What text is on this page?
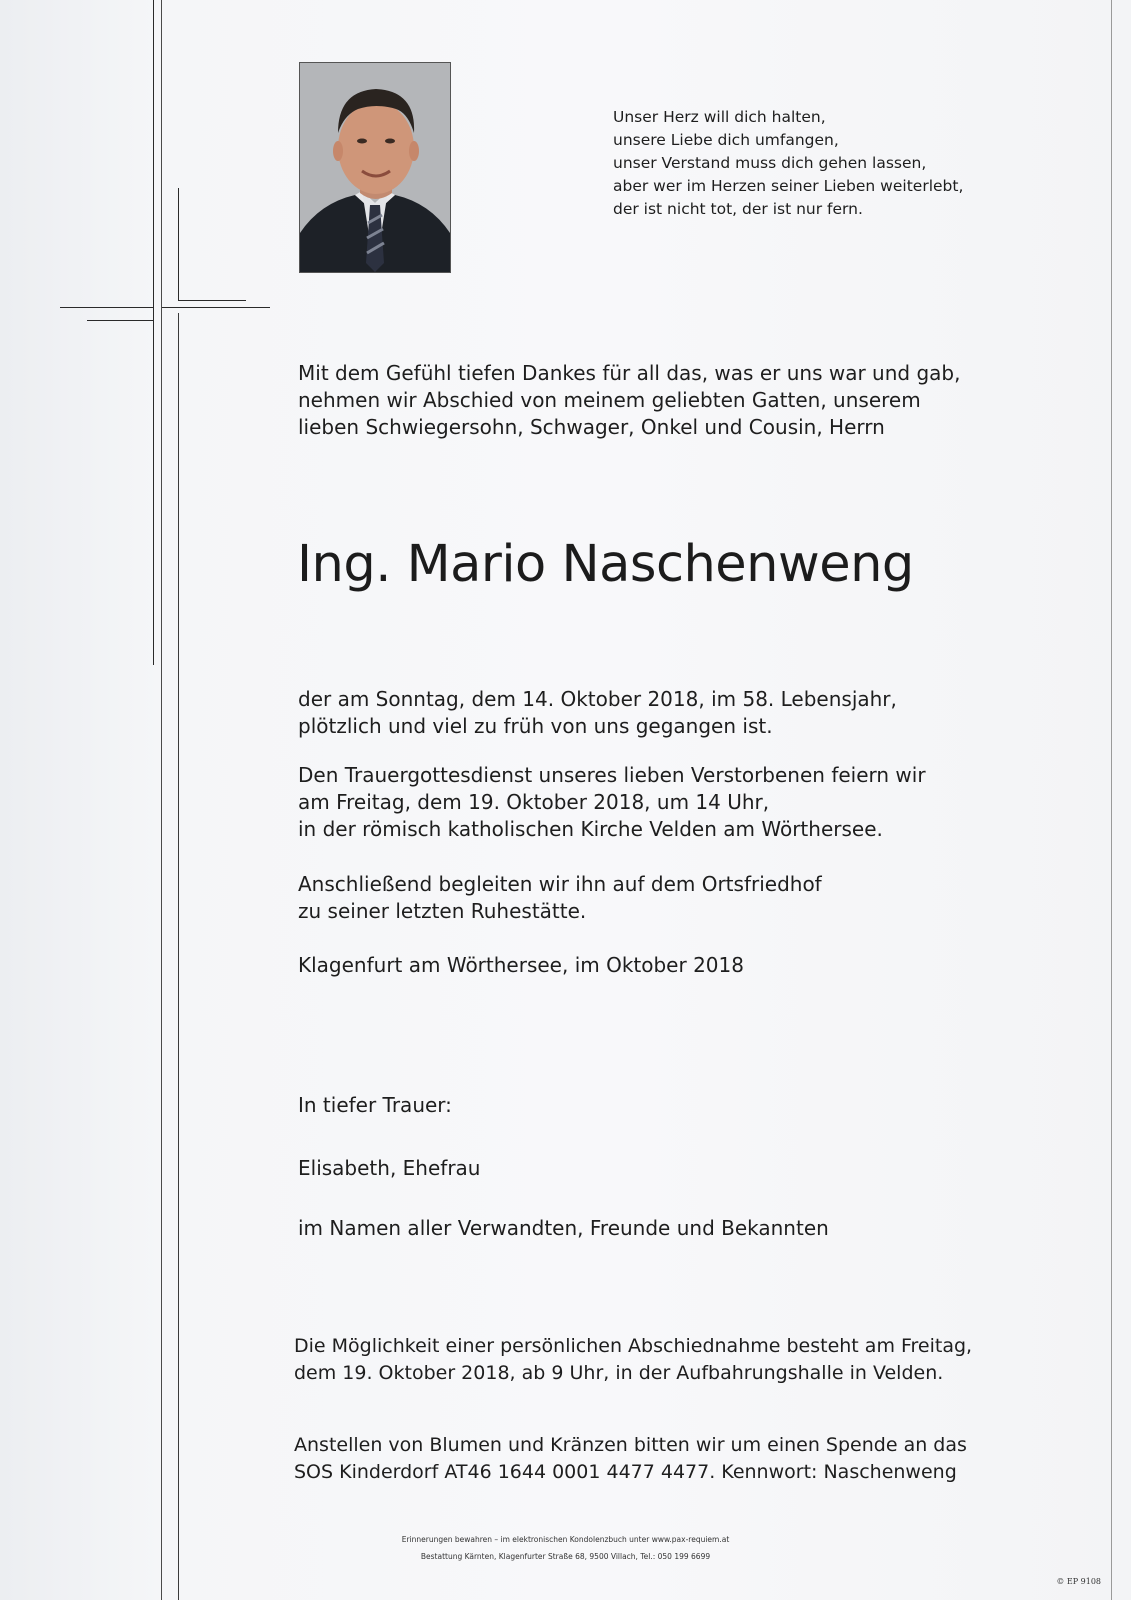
Unser Herz will dich halten,
unsere Liebe dich umfangen,
unser Verstand muss dich gehen lassen,
aber wer im Herzen seiner Lieben weiterlebt,
der ist nicht tot, der ist nur fern.
Mit dem Gefühl tiefen Dankes für all das, was er uns war und gab,
nehmen wir Abschied von meinem geliebten Gatten, unserem
lieben Schwiegersohn, Schwager, Onkel und Cousin, Herrn
Ing. Mario Naschenweng
der am Sonntag, dem 14. Oktober 2018, im 58. Lebensjahr,
plötzlich und viel zu früh von uns gegangen ist.
Den Trauergottesdienst unseres lieben Verstorbenen feiern wir
am Freitag, dem 19. Oktober 2018, um 14 Uhr,
in der römisch katholischen Kirche Velden am Wörthersee.
Anschließend begleiten wir ihn auf dem Ortsfriedhof
zu seiner letzten Ruhestätte.
Klagenfurt am Wörthersee, im Oktober 2018
In tiefer Trauer:
Elisabeth, Ehefrau
im Namen aller Verwandten, Freunde und Bekannten
Die Möglichkeit einer persönlichen Abschiednahme besteht am Freitag,
dem 19. Oktober 2018, ab 9 Uhr, in der Aufbahrungshalle in Velden.
Anstellen von Blumen und Kränzen bitten wir um einen Spende an das
SOS Kinderdorf AT46 1644 0001 4477 4477. Kennwort: Naschenweng
Erinnerungen bewahren – im elektronischen Kondolenzbuch unter www.pax-requiem.at
Bestattung Kärnten, Klagenfurter Straße 68, 9500 Villach, Tel.: 050 199 6699
© EP 9108
